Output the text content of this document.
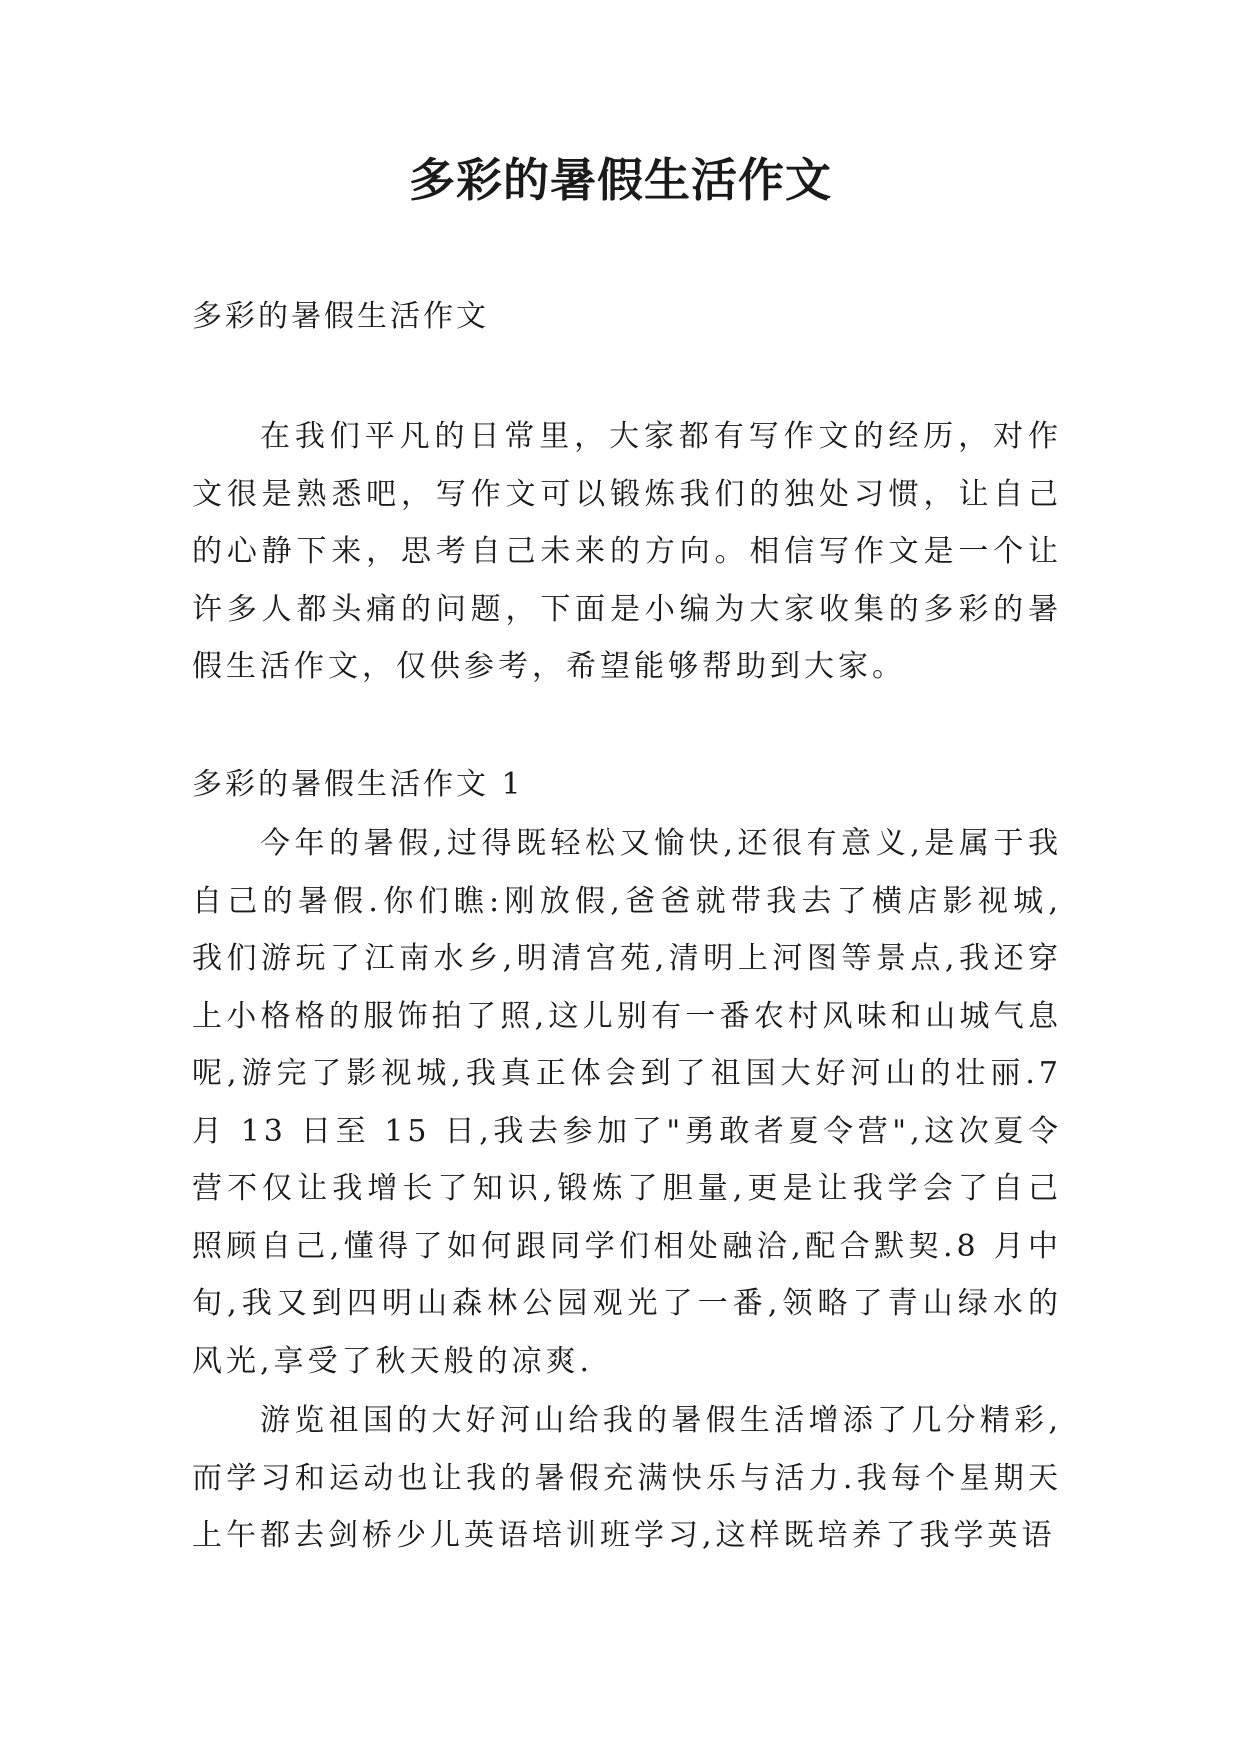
多彩的暑假生活作文

多彩的暑假生活作文

在我们平凡的日常里，大家都有写作文的经历，对作文很是熟悉吧，写作文可以锻炼我们的独处习惯，让自己的心静下来，思考自己未来的方向。相信写作文是一个让许多人都头痛的问题，下面是小编为大家收集的多彩的暑假生活作文，仅供参考，希望能够帮助到大家。

多彩的暑假生活作文 1

今年的暑假,过得既轻松又愉快,还很有意义,是属于我自己的暑假.你们瞧:刚放假,爸爸就带我去了横店影视城,我们游玩了江南水乡,明清宫苑,清明上河图等景点,我还穿上小格格的服饰拍了照,这儿别有一番农村风味和山城气息呢,游完了影视城,我真正体会到了祖国大好河山的壮丽.7 月 13 日至 15 日,我去参加了"勇敢者夏令营",这次夏令营不仅让我增长了知识,锻炼了胆量,更是让我学会了自己照顾自己,懂得了如何跟同学们相处融洽,配合默契.8 月中旬,我又到四明山森林公园观光了一番,领略了青山绿水的风光,享受了秋天般的凉爽.

游览祖国的大好河山给我的暑假生活增添了几分精彩,而学习和运动也让我的暑假充满快乐与活力.我每个星期天上午都去剑桥少儿英语培训班学习,这样既培养了我学英语
